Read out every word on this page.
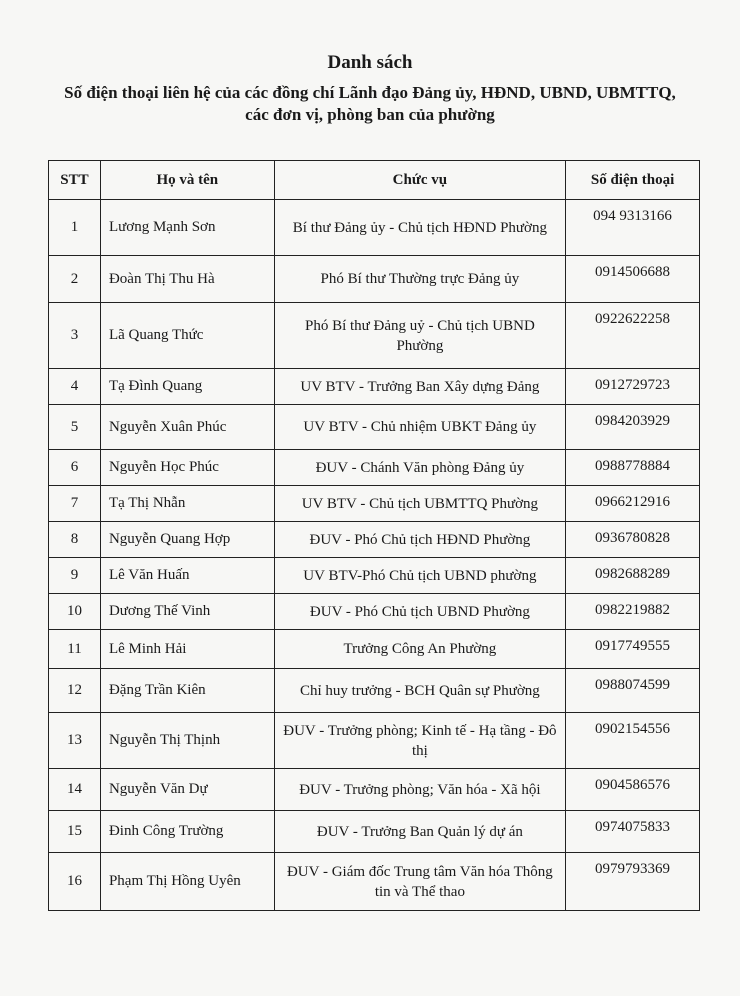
Danh sách
Số điện thoại liên hệ của các đồng chí Lãnh đạo Đảng ủy, HĐND, UBND, UBMTTQ, các đơn vị, phòng ban của phường
STT	Họ và tên	Chức vụ	Số điện thoại
1	Lương Mạnh Sơn	Bí thư Đảng ủy - Chủ tịch HĐND Phường	094 9313166
2	Đoàn Thị Thu Hà	Phó Bí thư Thường trực Đảng ủy	0914506688
3	Lã Quang Thức	Phó Bí thư Đảng uỷ - Chủ tịch UBND Phường	0922622258
4	Tạ Đình Quang	UV BTV - Trưởng Ban Xây dựng Đảng	0912729723
5	Nguyễn Xuân Phúc	UV BTV - Chủ nhiệm UBKT Đảng ủy	0984203929
6	Nguyễn Học Phúc	ĐUV - Chánh Văn phòng Đảng ủy	0988778884
7	Tạ Thị Nhẫn	UV BTV - Chủ tịch UBMTTQ Phường	0966212916
8	Nguyễn Quang Hợp	ĐUV - Phó Chủ tịch HĐND Phường	0936780828
9	Lê Văn Huấn	UV BTV-Phó Chủ tịch UBND phường	0982688289
10	Dương Thế Vinh	ĐUV - Phó Chủ tịch UBND Phường	0982219882
11	Lê Minh Hải	Trưởng Công An Phường	0917749555
12	Đặng Trần Kiên	Chỉ huy trưởng - BCH Quân sự Phường	0988074599
13	Nguyễn Thị Thịnh	ĐUV - Trưởng phòng; Kinh tế - Hạ tầng - Đô thị	0902154556
14	Nguyễn Văn Dự	ĐUV - Trưởng phòng; Văn hóa - Xã hội	0904586576
15	Đinh Công Trường	ĐUV - Trưởng Ban Quản lý dự án	0974075833
16	Phạm Thị Hồng Uyên	ĐUV - Giám đốc Trung tâm Văn hóa Thông tin và Thể thao	0979793369
